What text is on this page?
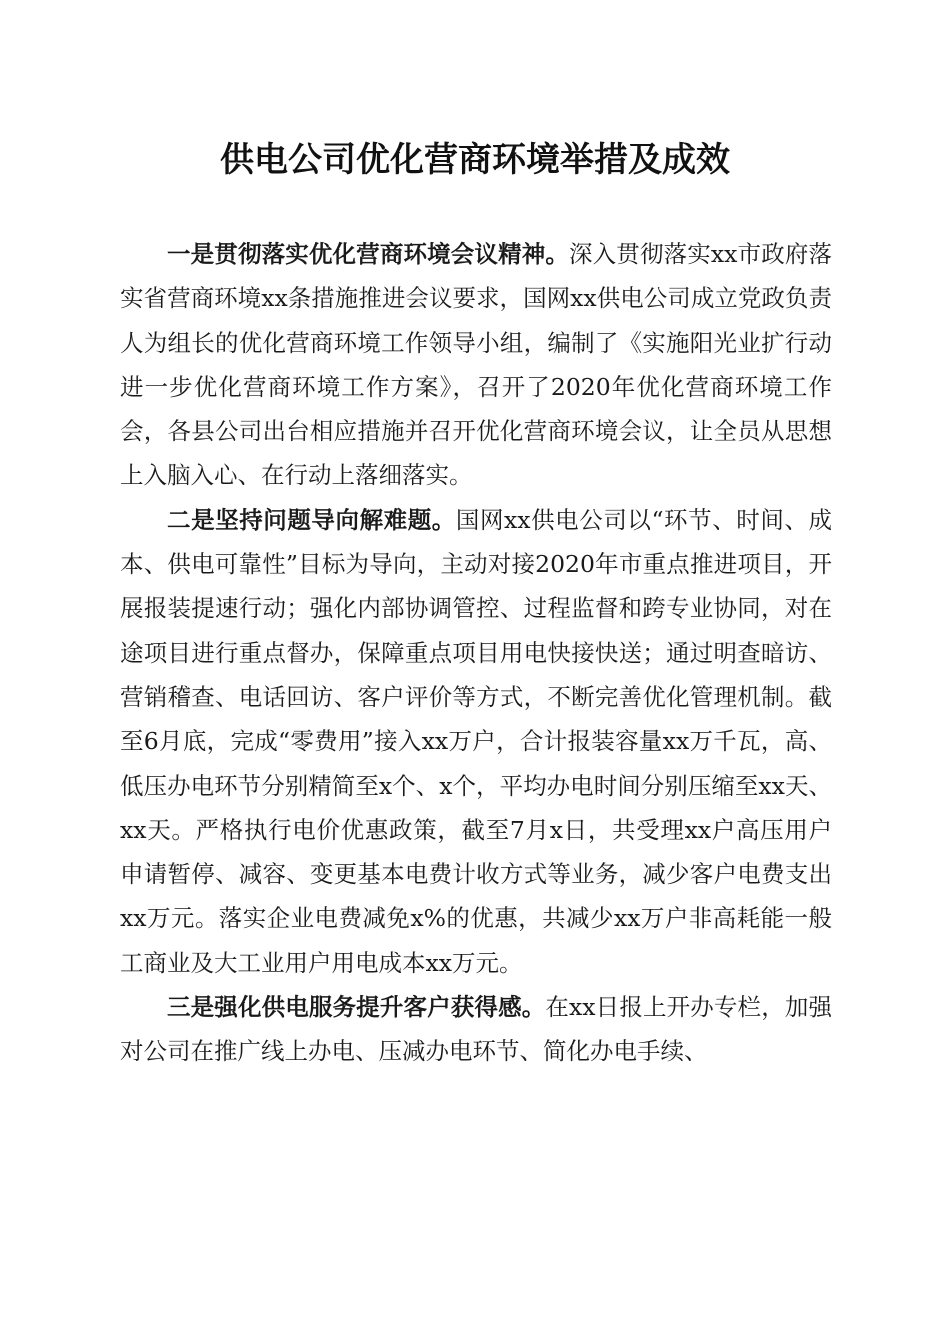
供电公司优化营商环境举措及成效

一是贯彻落实优化营商环境会议精神。深入贯彻落实xx市政府落实省营商环境xx条措施推进会议要求，国网xx供电公司成立党政负责人为组长的优化营商环境工作领导小组，编制了《实施阳光业扩行动进一步优化营商环境工作方案》，召开了2020年优化营商环境工作会，各县公司出台相应措施并召开优化营商环境会议，让全员从思想上入脑入心、在行动上落细落实。

二是坚持问题导向解难题。国网xx供电公司以“环节、时间、成本、供电可靠性”目标为导向，主动对接2020年市重点推进项目，开展报装提速行动；强化内部协调管控、过程监督和跨专业协同，对在途项目进行重点督办，保障重点项目用电快接快送；通过明查暗访、营销稽查、电话回访、客户评价等方式，不断完善优化管理机制。截至6月底，完成“零费用”接入xx万户，合计报装容量xx万千瓦，高、低压办电环节分别精简至x个、x个，平均办电时间分别压缩至xx天、xx天。严格执行电价优惠政策，截至7月x日，共受理xx户高压用户申请暂停、减容、变更基本电费计收方式等业务，减少客户电费支出xx万元。落实企业电费减免x%的优惠，共减少xx万户非高耗能一般工商业及大工业用户用电成本xx万元。

三是强化供电服务提升客户获得感。在xx日报上开办专栏，加强对公司在推广线上办电、压减办电环节、简化办电手续、
